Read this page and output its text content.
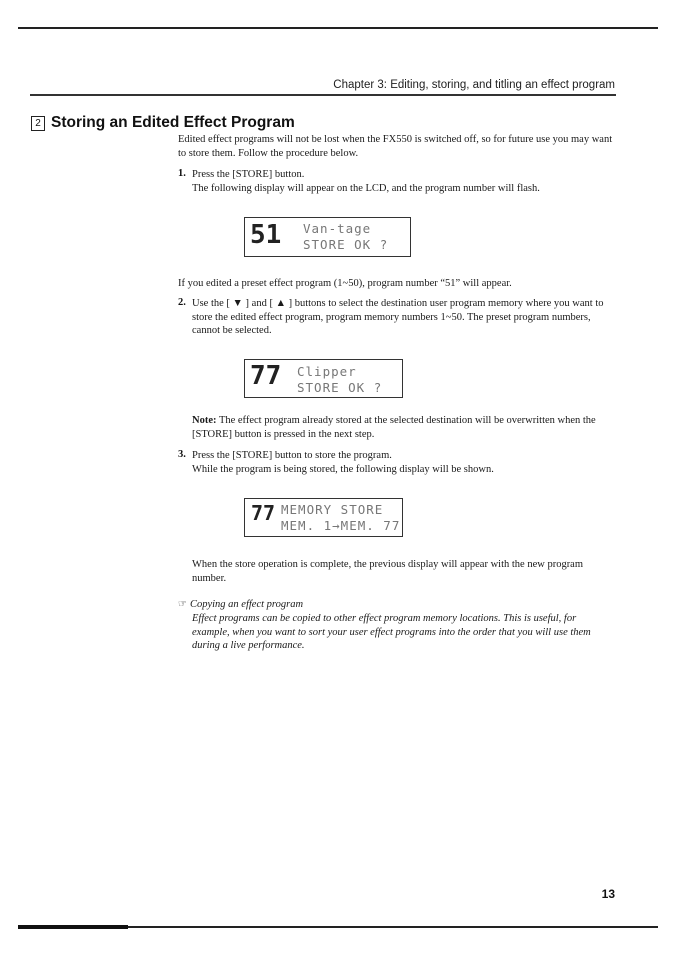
Chapter 3: Editing, storing, and titling an effect program
2 Storing an Edited Effect Program
Edited effect programs will not be lost when the FX550 is switched off, so for future use you may want to store them. Follow the procedure below.
1. Press the [STORE] button.
The following display will appear on the LCD, and the program number will flash.
51 Van-tage
STORE OK ?
If you edited a preset effect program (1~50), program number “51” will appear.
2. Use the [ ▼ ] and [ ▲ ] buttons to select the destination user program memory where you want to store the edited effect program, program memory numbers 1~50. The preset program numbers, cannot be selected.
77 Clipper
STORE OK ?
Note: The effect program already stored at the selected destination will be overwritten when the [STORE] button is pressed in the next step.
3. Press the [STORE] button to store the program.
While the program is being stored, the following display will be shown.
77 MEMORY STORE
MEM. 1→MEM. 77
When the store operation is complete, the previous display will appear with the new program number.
☞ Copying an effect program
Effect programs can be copied to other effect program memory locations. This is useful, for example, when you want to sort your user effect programs into the order that you will use them during a live performance.
13
